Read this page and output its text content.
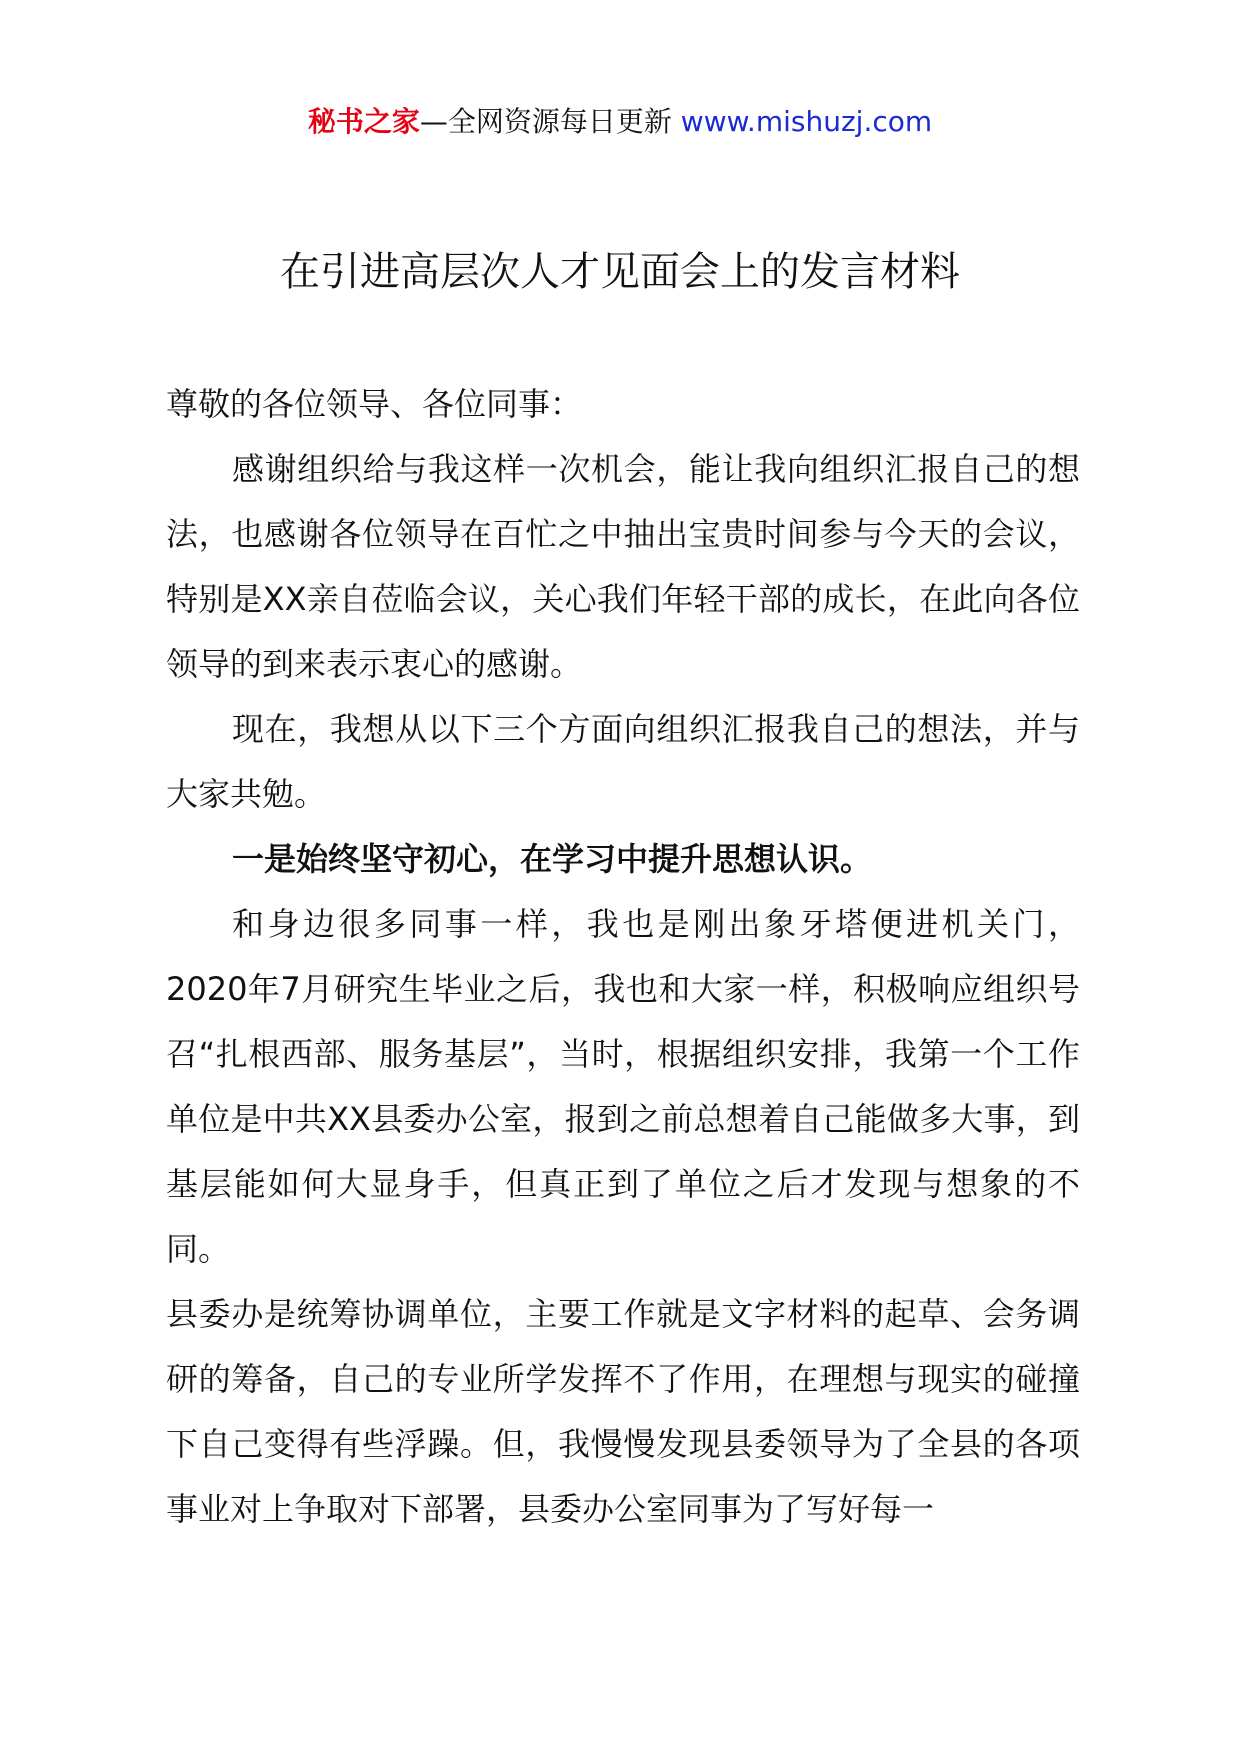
秘书之家—全网资源每日更新 www.mishuzj.com
在引进高层次人才见面会上的发言材料

尊敬的各位领导、各位同事：

感谢组织给与我这样一次机会，能让我向组织汇报自己的想法，也感谢各位领导在百忙之中抽出宝贵时间参与今天的会议，特别是XX亲自莅临会议，关心我们年轻干部的成长，在此向各位领导的到来表示衷心的感谢。

现在，我想从以下三个方面向组织汇报我自己的想法，并与大家共勉。

一是始终坚守初心，在学习中提升思想认识。

和身边很多同事一样，我也是刚出象牙塔便进机关门，2020年7月研究生毕业之后，我也和大家一样，积极响应组织号召“扎根西部、服务基层”，当时，根据组织安排，我第一个工作单位是中共XX县委办公室，报到之前总想着自己能做多大事，到基层能如何大显身手，但真正到了单位之后才发现与想象的不同。

县委办是统筹协调单位，主要工作就是文字材料的起草、会务调研的筹备，自己的专业所学发挥不了作用，在理想与现实的碰撞下自己变得有些浮躁。但，我慢慢发现县委领导为了全县的各项事业对上争取对下部署，县委办公室同事为了写好每一
